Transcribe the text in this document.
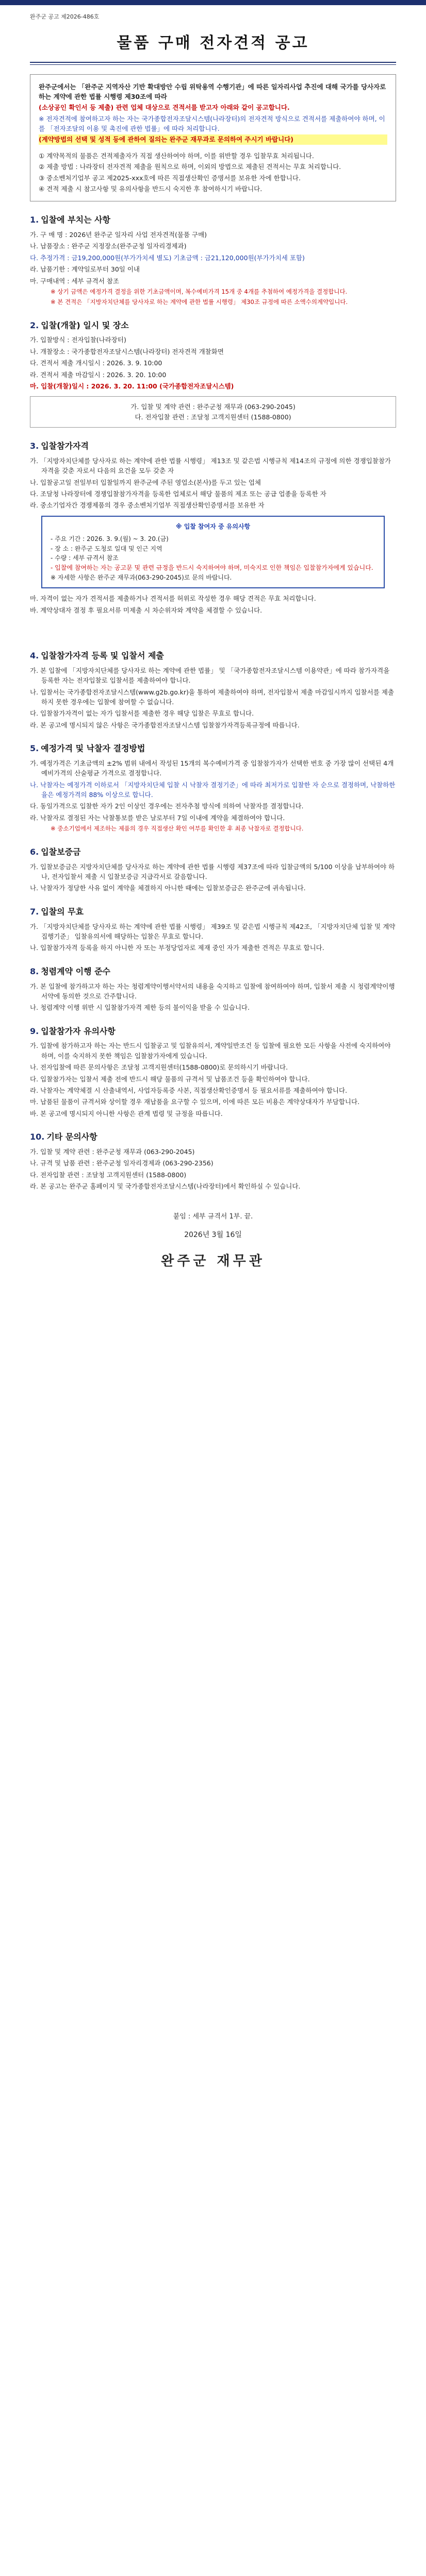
완주군 공고 제2026-486호
물품 구매 전자견적 공고

완주군에서는 「완주군 지역자산 기반 확대방안 수립 위탁용역 수행기관」에 따른 일자리사업 추진에 대해 국가를 당사자로 하는 계약에 관한 법률 시행령 제30조에 따라

(소상공인 확인서 등 제출) 관련 업체 대상으로 견적서를 받고자 아래와 같이 공고합니다.

※ 전자견적에 참여하고자 하는 자는 국가종합전자조달시스템(나라장터)의 전자견적 방식으로 견적서를 제출하여야 하며, 이를 「전자조달의 이용 및 촉진에 관한 법률」에 따라 처리합니다.

(계약방법의 선택 및 성적 등에 관하여 질의는 완주군 재무과로 문의하여 주시기 바랍니다)

① 계약목적의 물품은 견적제출자가 직접 생산하여야 하며, 이를 위반할 경우 입찰무효 처리됩니다.

② 제출 방법 : 나라장터 전자견적 제출을 원칙으로 하며, 이외의 방법으로 제출된 견적서는 무효 처리합니다.

③ 중소벤처기업부 공고 제2025-xxx호에 따른 직접생산확인 증명서를 보유한 자에 한합니다.

④ 견적 제출 시 참고사항 및 유의사항을 반드시 숙지한 후 참여하시기 바랍니다.

1. 입찰에 부치는 사항
가. 구 매 명 : 2026년 완주군 일자리 사업 전자견적(물품 구매)
나. 납품장소 : 완주군 지정장소(완주군청 일자리경제과)
다. 추정가격 : 금19,200,000원(부가가치세 별도) 기초금액 : 금21,120,000원(부가가치세 포함)
라. 납품기한 : 계약일로부터 30일 이내
마. 구매내역 : 세부 규격서 참조
※ 상기 금액은 예정가격 결정을 위한 기초금액이며, 복수예비가격 15개 중 4개를 추첨하여 예정가격을 결정합니다.
※ 본 견적은 「지방자치단체를 당사자로 하는 계약에 관한 법률 시행령」 제30조 규정에 따른 소액수의계약입니다.
2. 입찰(개찰) 일시 및 장소
가. 입찰방식 : 전자입찰(나라장터)
나. 개찰장소 : 국가종합전자조달시스템(나라장터) 전자견적 개찰화면
다. 견적서 제출 개시일시 : 2026. 3. 9. 10:00
라. 견적서 제출 마감일시 : 2026. 3. 20. 10:00
마. 입찰(개찰)일시 : 2026. 3. 20. 11:00 (국가종합전자조달시스템)
가. 입찰 및 계약 관련 : 완주군청 재무과 (063-290-2045)
다. 전자입찰 관련 : 조달청 고객지원센터 (1588-0800)
3. 입찰참가자격
가. 「지방자치단체를 당사자로 하는 계약에 관한 법률 시행령」 제13조 및 같은법 시행규칙 제14조의 규정에 의한 경쟁입찰참가자격을 갖춘 자로서 다음의 요건을 모두 갖춘 자
나. 입찰공고일 전일부터 입찰일까지 완주군에 주된 영업소(본사)를 두고 있는 업체
다. 조달청 나라장터에 경쟁입찰참가자격을 등록한 업체로서 해당 물품의 제조 또는 공급 업종을 등록한 자
라. 중소기업자간 경쟁제품의 경우 중소벤처기업부 직접생산확인증명서를 보유한 자
※ 입찰 참여자 중 유의사항
- 주요 기간 : 2026. 3. 9.(월) ~ 3. 20.(금)
- 장 소 : 완주군 도청로 일대 및 인근 지역
- 수량 : 세부 규격서 참조
- 입찰에 참여하는 자는 공고문 및 관련 규정을 반드시 숙지하여야 하며, 미숙지로 인한 책임은 입찰참가자에게 있습니다.
※ 자세한 사항은 완주군 재무과(063-290-2045)로 문의 바랍니다.
마. 자격이 없는 자가 견적서를 제출하거나 견적서를 허위로 작성한 경우 해당 견적은 무효 처리합니다.
바. 계약상대자 결정 후 필요서류 미제출 시 차순위자와 계약을 체결할 수 있습니다.
4. 입찰참가자격 등록 및 입찰서 제출
가. 본 입찰에 「지방자치단체를 당사자로 하는 계약에 관한 법률」 및 「국가종합전자조달시스템 이용약관」에 따라 참가자격을 등록한 자는 전자입찰로 입찰서를 제출하여야 합니다.
나. 입찰서는 국가종합전자조달시스템(www.g2b.go.kr)을 통하여 제출하여야 하며, 전자입찰서 제출 마감일시까지 입찰서를 제출하지 못한 경우에는 입찰에 참여할 수 없습니다.
다. 입찰참가자격이 없는 자가 입찰서를 제출한 경우 해당 입찰은 무효로 합니다.
라. 본 공고에 명시되지 않은 사항은 국가종합전자조달시스템 입찰참가자격등록규정에 따릅니다.
5. 예정가격 및 낙찰자 결정방법
가. 예정가격은 기초금액의 ±2% 범위 내에서 작성된 15개의 복수예비가격 중 입찰참가자가 선택한 번호 중 가장 많이 선택된 4개 예비가격의 산술평균 가격으로 결정합니다.
나. 낙찰자는 예정가격 이하로서 「지방자치단체 입찰 시 낙찰자 결정기준」에 따라 최저가로 입찰한 자 순으로 결정하며, 낙찰하한율은 예정가격의 88% 이상으로 합니다.
다. 동일가격으로 입찰한 자가 2인 이상인 경우에는 전자추첨 방식에 의하여 낙찰자를 결정합니다.
라. 낙찰자로 결정된 자는 낙찰통보를 받은 날로부터 7일 이내에 계약을 체결하여야 합니다.
※ 중소기업에서 제조하는 제품의 경우 직접생산 확인 여부를 확인한 후 최종 낙찰자로 결정합니다.
6. 입찰보증금
가. 입찰보증금은 지방자치단체를 당사자로 하는 계약에 관한 법률 시행령 제37조에 따라 입찰금액의 5/100 이상을 납부하여야 하나, 전자입찰서 제출 시 입찰보증금 지급각서로 갈음합니다.
나. 낙찰자가 정당한 사유 없이 계약을 체결하지 아니한 때에는 입찰보증금은 완주군에 귀속됩니다.
7. 입찰의 무효
가. 「지방자치단체를 당사자로 하는 계약에 관한 법률 시행령」 제39조 및 같은법 시행규칙 제42조, 「지방자치단체 입찰 및 계약집행기준」 입찰유의서에 해당하는 입찰은 무효로 합니다.
나. 입찰참가자격 등록을 하지 아니한 자 또는 부정당업자로 제재 중인 자가 제출한 견적은 무효로 합니다.
8. 청렴계약 이행 준수
가. 본 입찰에 참가하고자 하는 자는 청렴계약이행서약서의 내용을 숙지하고 입찰에 참여하여야 하며, 입찰서 제출 시 청렴계약이행서약에 동의한 것으로 간주합니다.
나. 청렴계약 이행 위반 시 입찰참가자격 제한 등의 불이익을 받을 수 있습니다.
9. 입찰참가자 유의사항
가. 입찰에 참가하고자 하는 자는 반드시 입찰공고 및 입찰유의서, 계약일반조건 등 입찰에 필요한 모든 사항을 사전에 숙지하여야 하며, 이를 숙지하지 못한 책임은 입찰참가자에게 있습니다.
나. 전자입찰에 따른 문의사항은 조달청 고객지원센터(1588-0800)로 문의하시기 바랍니다.
다. 입찰참가자는 입찰서 제출 전에 반드시 해당 물품의 규격서 및 납품조건 등을 확인하여야 합니다.
라. 낙찰자는 계약체결 시 산출내역서, 사업자등록증 사본, 직접생산확인증명서 등 필요서류를 제출하여야 합니다.
마. 납품된 물품이 규격서와 상이할 경우 재납품을 요구할 수 있으며, 이에 따른 모든 비용은 계약상대자가 부담합니다.
바. 본 공고에 명시되지 아니한 사항은 관계 법령 및 규정을 따릅니다.
10. 기타 문의사항
가. 입찰 및 계약 관련 : 완주군청 재무과 (063-290-2045)
나. 규격 및 납품 관련 : 완주군청 일자리경제과 (063-290-2356)
다. 전자입찰 관련 : 조달청 고객지원센터 (1588-0800)
라. 본 공고는 완주군 홈페이지 및 국가종합전자조달시스템(나라장터)에서 확인하실 수 있습니다.
붙임 : 세부 규격서 1부. 끝.
2026년 3월 16일
완주군 재무관
